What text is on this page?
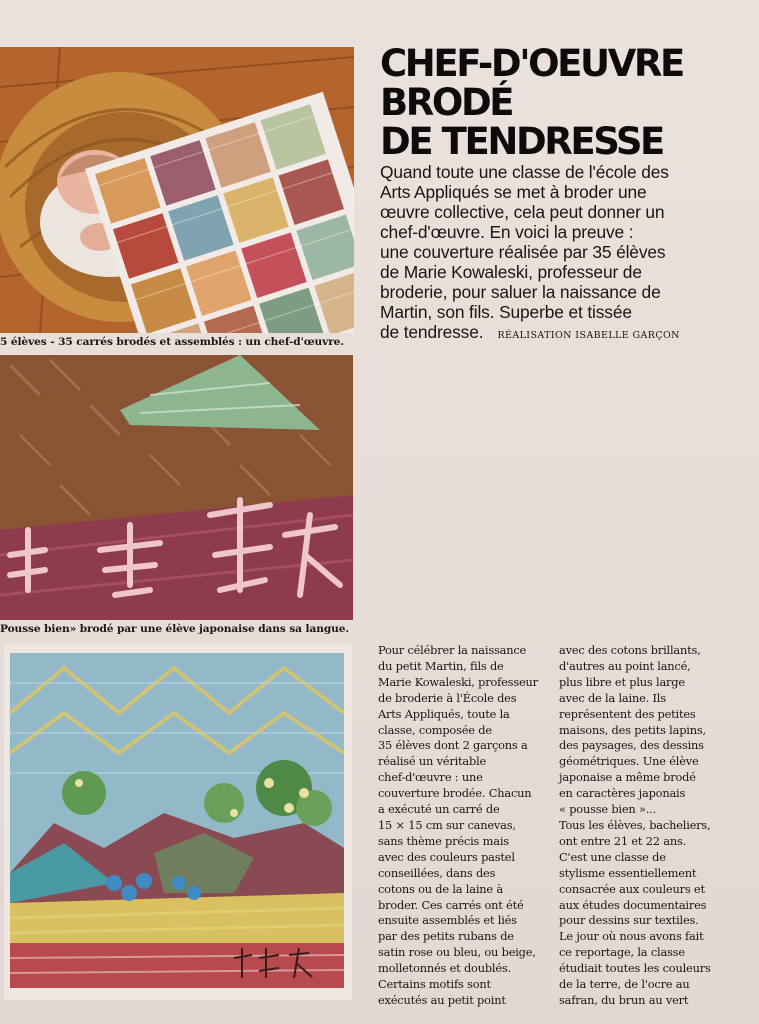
5 élèves - 35 carrés brodés et assemblés : un chef-d'œuvre.
Pousse bien» brodé par une élève japonaise dans sa langue.
CHEF-D'OEUVRE
BRODÉ
DE TENDRESSE

Quand toute une classe de l'école des
Arts Appliqués se met à broder une
œuvre collective, cela peut donner un
chef-d'œuvre. En voici la preuve :
une couverture réalisée par 35 élèves
de Marie Kowaleski, professeur de
broderie, pour saluer la naissance de
Martin, son fils. Superbe et tissée
de tendresse. RÉALISATION ISABELLE GARÇON

Pour célébrer la naissance
du petit Martin, fils de
Marie Kowaleski, professeur
de broderie à l'École des
Arts Appliqués, toute la
classe, composée de
35 élèves dont 2 garçons a
réalisé un véritable
chef-d'œuvre : une
couverture brodée. Chacun
a exécuté un carré de
15 × 15 cm sur canevas,
sans thème précis mais
avec des couleurs pastel
conseillées, dans des
cotons ou de la laine à
broder. Ces carrés ont été
ensuite assemblés et liés
par des petits rubans de
satin rose ou bleu, ou beige,
molletonnés et doublés.
Certains motifs sont
exécutés au petit point
avec des cotons brillants,
d'autres au point lancé,
plus libre et plus large
avec de la laine. Ils
représentent des petites
maisons, des petits lapins,
des paysages, des dessins
géométriques. Une élève
japonaise a même brodé
en caractères japonais
« pousse bien »...
Tous les élèves, bacheliers,
ont entre 21 et 22 ans.
C'est une classe de
stylisme essentiellement
consacrée aux couleurs et
aux études documentaires
pour dessins sur textiles.
Le jour où nous avons fait
ce reportage, la classe
étudiait toutes les couleurs
de la terre, de l'ocre au
safran, du brun au vert
